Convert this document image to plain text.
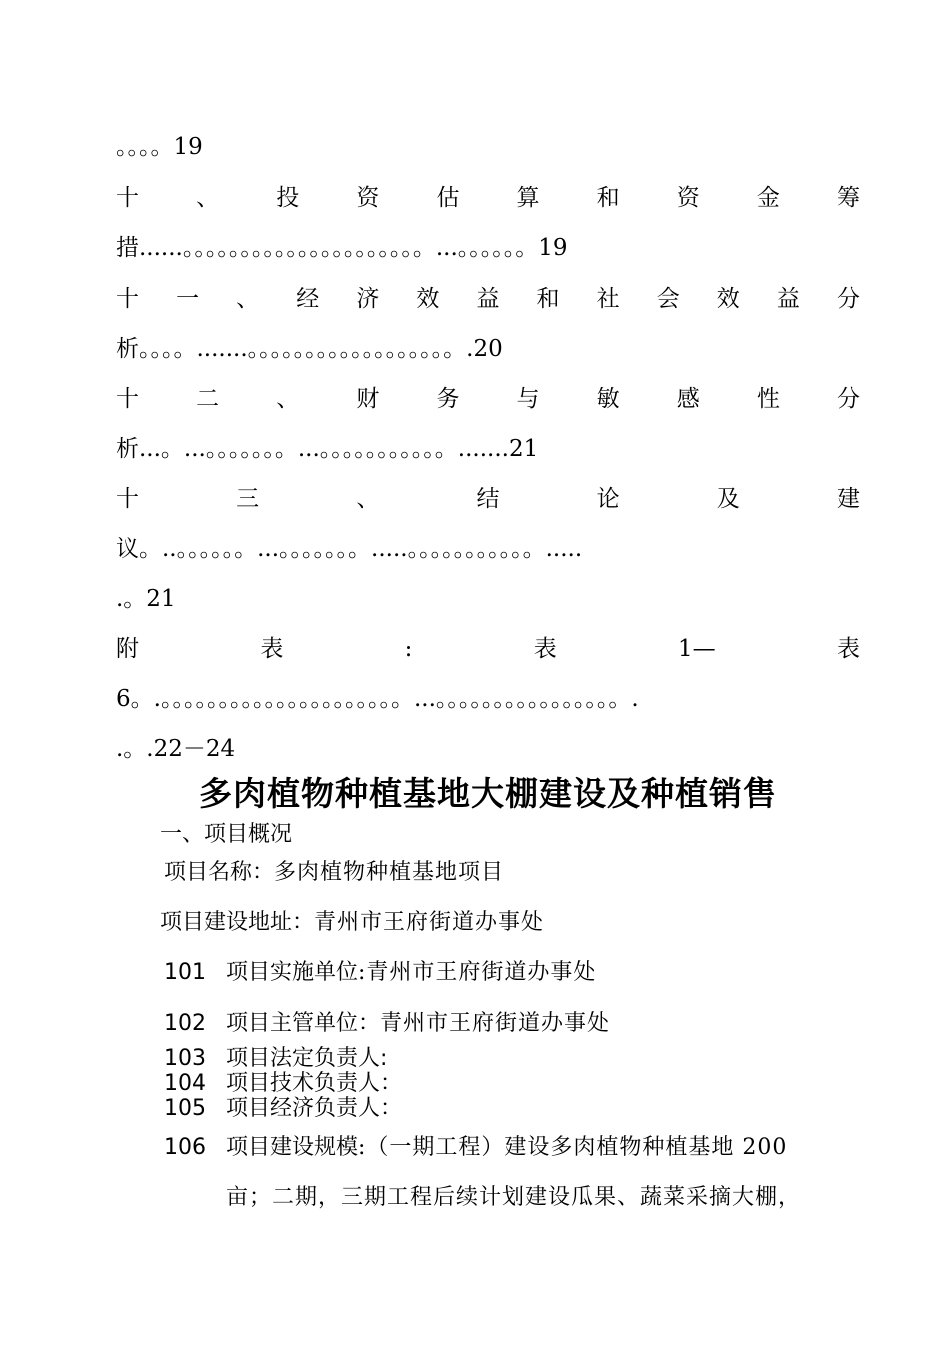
。。。。19
十 、 投 资 估 算 和 资 金 筹
措......。。。。。。。。。。。。。。。。。。。。。...。。。。。。19
十 一 、 经 济 效 益 和 社 会 效 益 分
析。。。。.......。。。。。。。。。。。。。。。。。。.20
十 二 、 财 务 与 敏 感 性 分
析...。...。。。。。。。...。。。。。。。。。。。.......21
十	三	、	结	论	及	建
议。..。。。。。。...。。。。。。。.....。。。。。。。。。。。.....
.。21
附	表	:	表	1—	表
6。.。。。。。。。。。。。。。。。。。。。。。...。。。。。。。。。。。。。。。。.
.。.22－24
多肉植物种植基地大棚建设及种植销售
一、项目概况
项目名称：多肉植物种植基地项目
项目建设地址：青州市王府街道办事处
101 项目实施单位:青州市王府街道办事处
102 项目主管单位：青州市王府街道办事处
103 项目法定负责人:
104 项目技术负责人：
105 项目经济负责人：
106 项目建设规模:（一期工程）建设多肉植物种植基地 200
亩；二期，三期工程后续计划建设瓜果、蔬菜采摘大棚，
